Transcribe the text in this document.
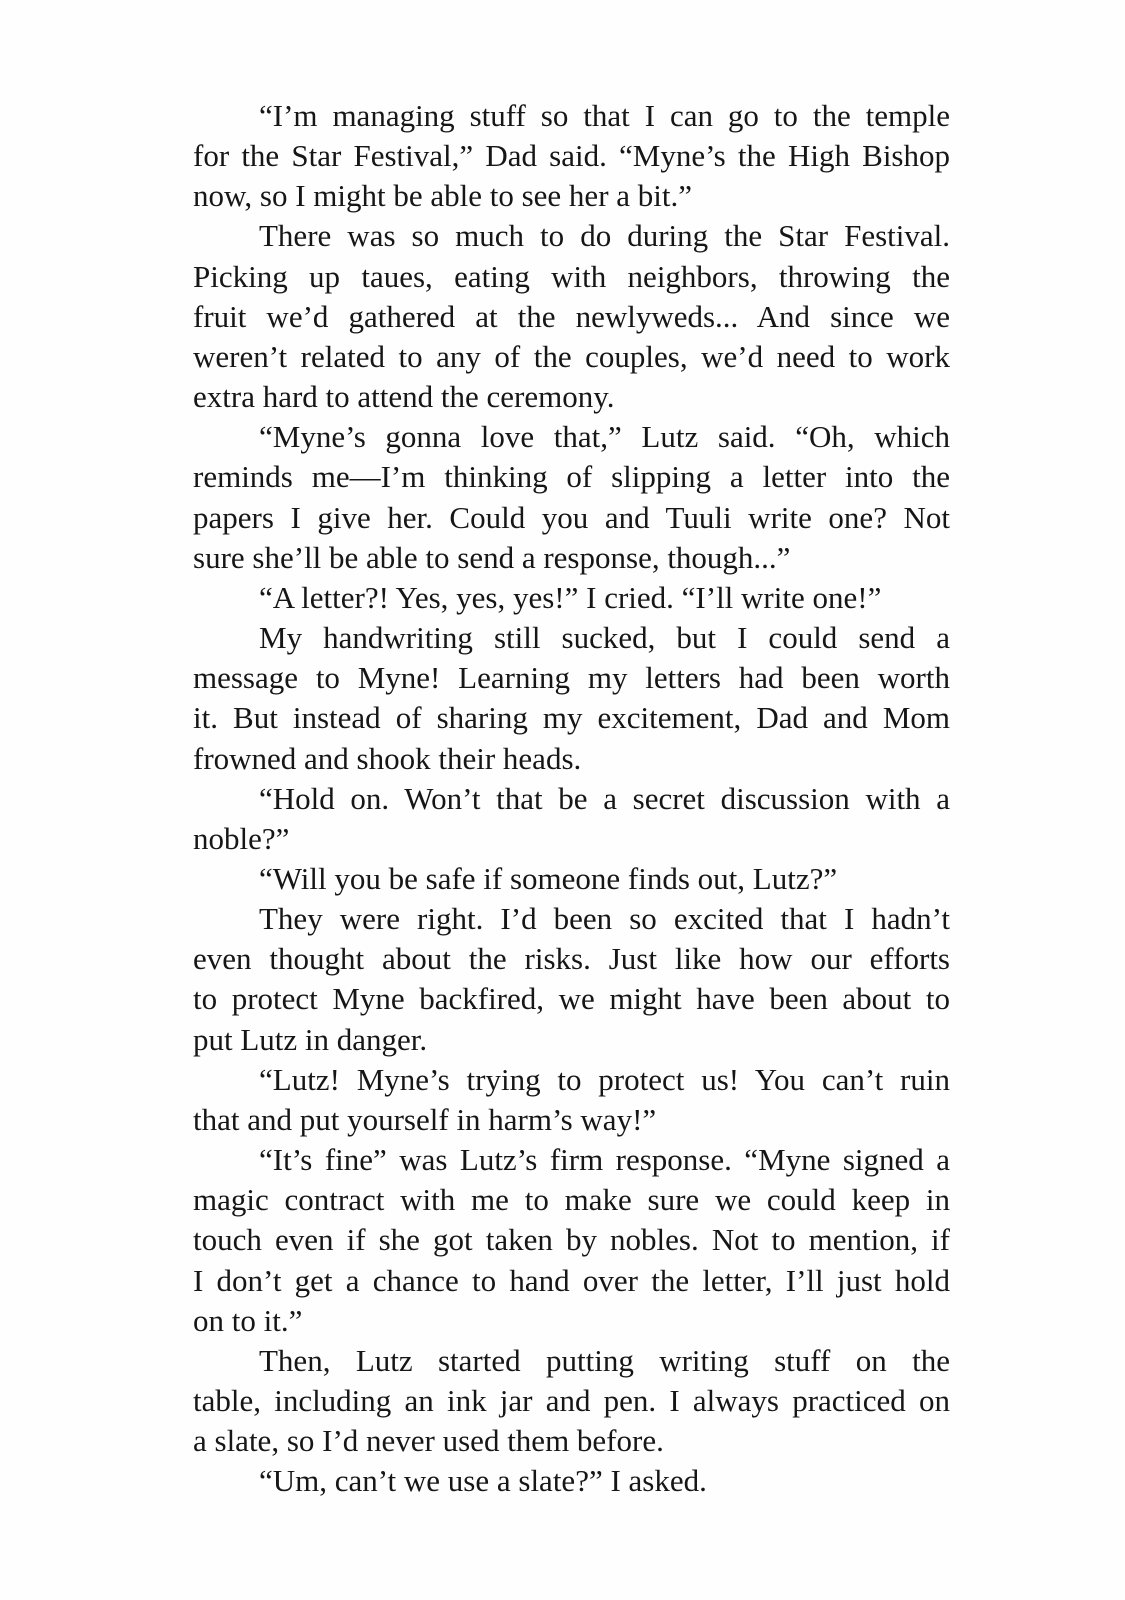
“I’m managing stuff so that I can go to the temple
for the Star Festival,” Dad said. “Myne’s the High Bishop
now, so I might be able to see her a bit.”

There was so much to do during the Star Festival.
Picking up taues, eating with neighbors, throwing the
fruit we’d gathered at the newlyweds... And since we
weren’t related to any of the couples, we’d need to work
extra hard to attend the ceremony.

“Myne’s gonna love that,” Lutz said. “Oh, which
reminds me—I’m thinking of slipping a letter into the
papers I give her. Could you and Tuuli write one? Not
sure she’ll be able to send a response, though...”

“A letter?! Yes, yes, yes!” I cried. “I’ll write one!”

My handwriting still sucked, but I could send a
message to Myne! Learning my letters had been worth
it. But instead of sharing my excitement, Dad and Mom
frowned and shook their heads.

“Hold on. Won’t that be a secret discussion with a
noble?”

“Will you be safe if someone finds out, Lutz?”

They were right. I’d been so excited that I hadn’t
even thought about the risks. Just like how our efforts
to protect Myne backfired, we might have been about to
put Lutz in danger.

“Lutz! Myne’s trying to protect us! You can’t ruin
that and put yourself in harm’s way!”

“It’s fine” was Lutz’s firm response. “Myne signed a
magic contract with me to make sure we could keep in
touch even if she got taken by nobles. Not to mention, if
I don’t get a chance to hand over the letter, I’ll just hold
on to it.”

Then, Lutz started putting writing stuff on the
table, including an ink jar and pen. I always practiced on
a slate, so I’d never used them before.

“Um, can’t we use a slate?” I asked.
